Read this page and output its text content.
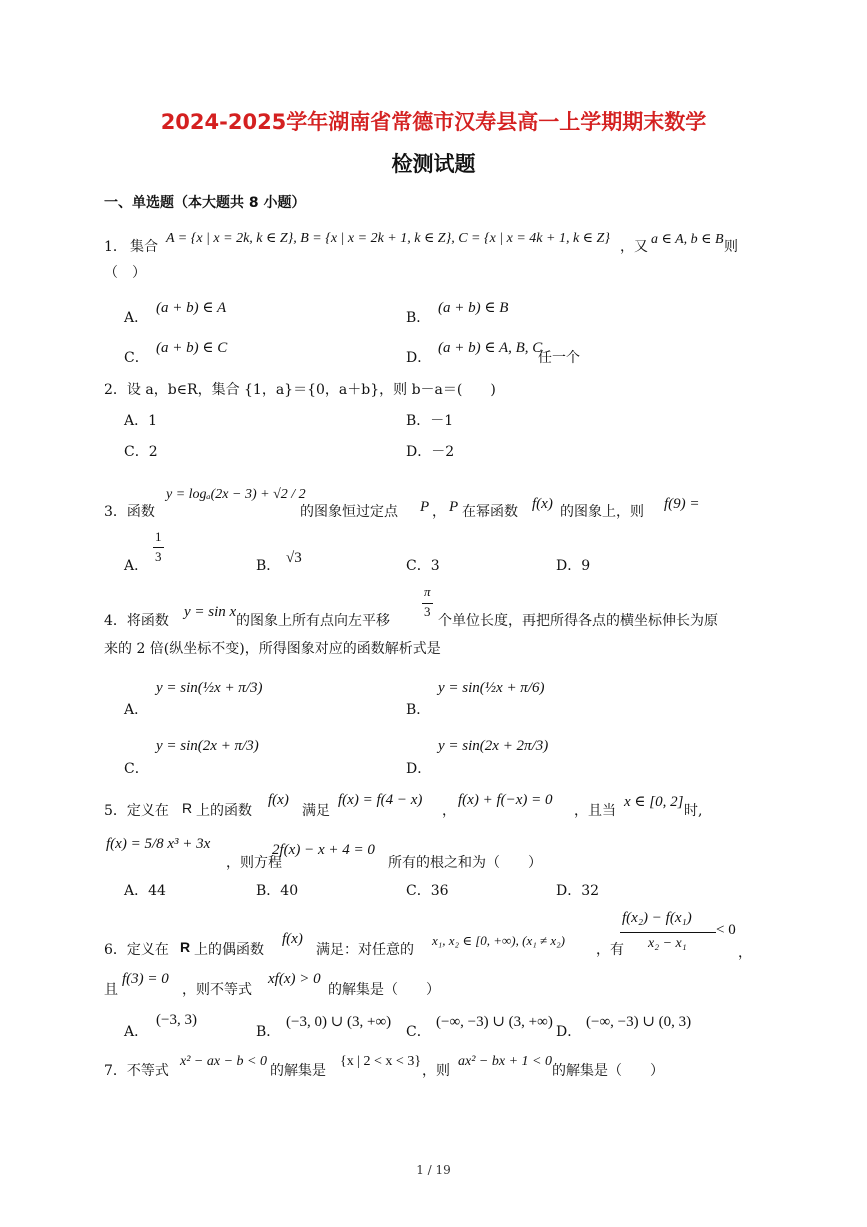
2024-2025学年湖南省常德市汉寿县高一上学期期末数学
检测试题
一、单选题（本大题共 8 小题）
1． 集合
A = {x | x = 2k, k ∈ Z}, B = {x | x = 2k + 1, k ∈ Z}, C = {x | x = 4k + 1, k ∈ Z}
，又 a ∈ A, b ∈ B 则
（　）
A．
(a + b) ∈ A
B．
(a + b) ∈ B
C．
(a + b) ∈ C
D．
(a + b) ∈ A, B, C
任一个
2．设 a，b∈R，集合 {1，a}＝{0，a＋b}，则 b－a＝(　　)
A．1	B．－1
C．2	D．－2
3．函数
y = logₐ(2x − 3) + √2 / 2
的图象恒过定点 P ， P 在幂函数 f(x) 的图象上，则 f(9) =
A．
1
3
B． √3	C．3	D．9
4．将函数
y = sin x
的图象上所有点向左平移
π
3
个单位长度，再把所得各点的横坐标伸长为原
来的 2 倍(纵坐标不变)，所得图象对应的函数解析式是
A．
y = sin(½x + π/3)
B．
y = sin(½x + π/6)
C．
y = sin(2x + π/3)
D．
y = sin(2x + 2π/3)
5．定义在 R 上的函数
f(x)
满足
f(x) = f(4 − x)
，
f(x) + f(−x) = 0
，且当
x ∈ [0, 2]
时,
f(x) = 5/8 x³ + 3x
，则方程
2f(x) − x + 4 = 0
所有的根之和为（　　）
A．44	B．40	C．36	D．32
6．定义在 R 上的偶函数
f(x)
满足：对任意的
x₁, x₂ ∈ [0, +∞), (x₁ ≠ x₂)
，有
f(x₂) − f(x₁)
x₂ − x₁
< 0
，
且
f(3) = 0
，则不等式
xf(x) > 0
的解集是（　　）
A．
(−3, 3)
B．
(−3, 0) ∪ (3, +∞)
C．
(−∞, −3) ∪ (3, +∞)
D．
(−∞, −3) ∪ (0, 3)
7．不等式
x² − ax − b < 0
的解集是
{x | 2 < x < 3}
，则
ax² − bx + 1 < 0
的解集是（　　）
1 / 19
